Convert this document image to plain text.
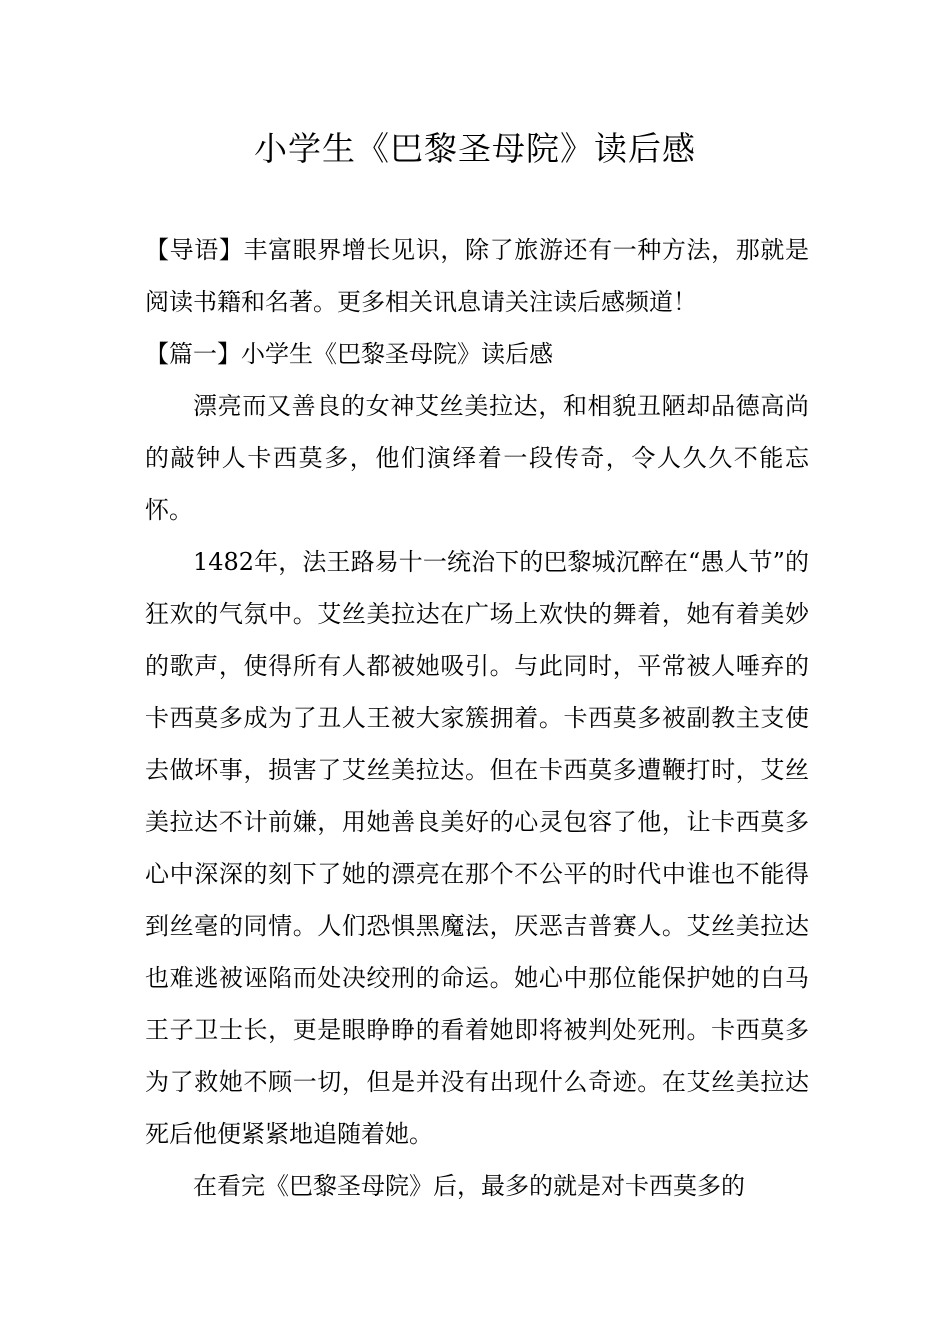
小学生《巴黎圣母院》读后感

【导语】丰富眼界增长见识，除了旅游还有一种方法，那就是阅读书籍和名著。更多相关讯息请关注读后感频道！

【篇一】小学生《巴黎圣母院》读后感

漂亮而又善良的女神艾丝美拉达，和相貌丑陋却品德高尚的敲钟人卡西莫多，他们演绎着一段传奇，令人久久不能忘怀。

1482年，法王路易十一统治下的巴黎城沉醉在“愚人节”的狂欢的气氛中。艾丝美拉达在广场上欢快的舞着，她有着美妙的歌声，使得所有人都被她吸引。与此同时，平常被人唾弃的卡西莫多成为了丑人王被大家簇拥着。卡西莫多被副教主支使去做坏事，损害了艾丝美拉达。但在卡西莫多遭鞭打时，艾丝美拉达不计前嫌，用她善良美好的心灵包容了他，让卡西莫多心中深深的刻下了她的漂亮在那个不公平的时代中谁也不能得到丝毫的同情。人们恐惧黑魔法，厌恶吉普赛人。艾丝美拉达也难逃被诬陷而处决绞刑的命运。她心中那位能保护她的白马王子卫士长，更是眼睁睁的看着她即将被判处死刑。卡西莫多为了救她不顾一切，但是并没有出现什么奇迹。在艾丝美拉达死后他便紧紧地追随着她。

在看完《巴黎圣母院》后，最多的就是对卡西莫多的
